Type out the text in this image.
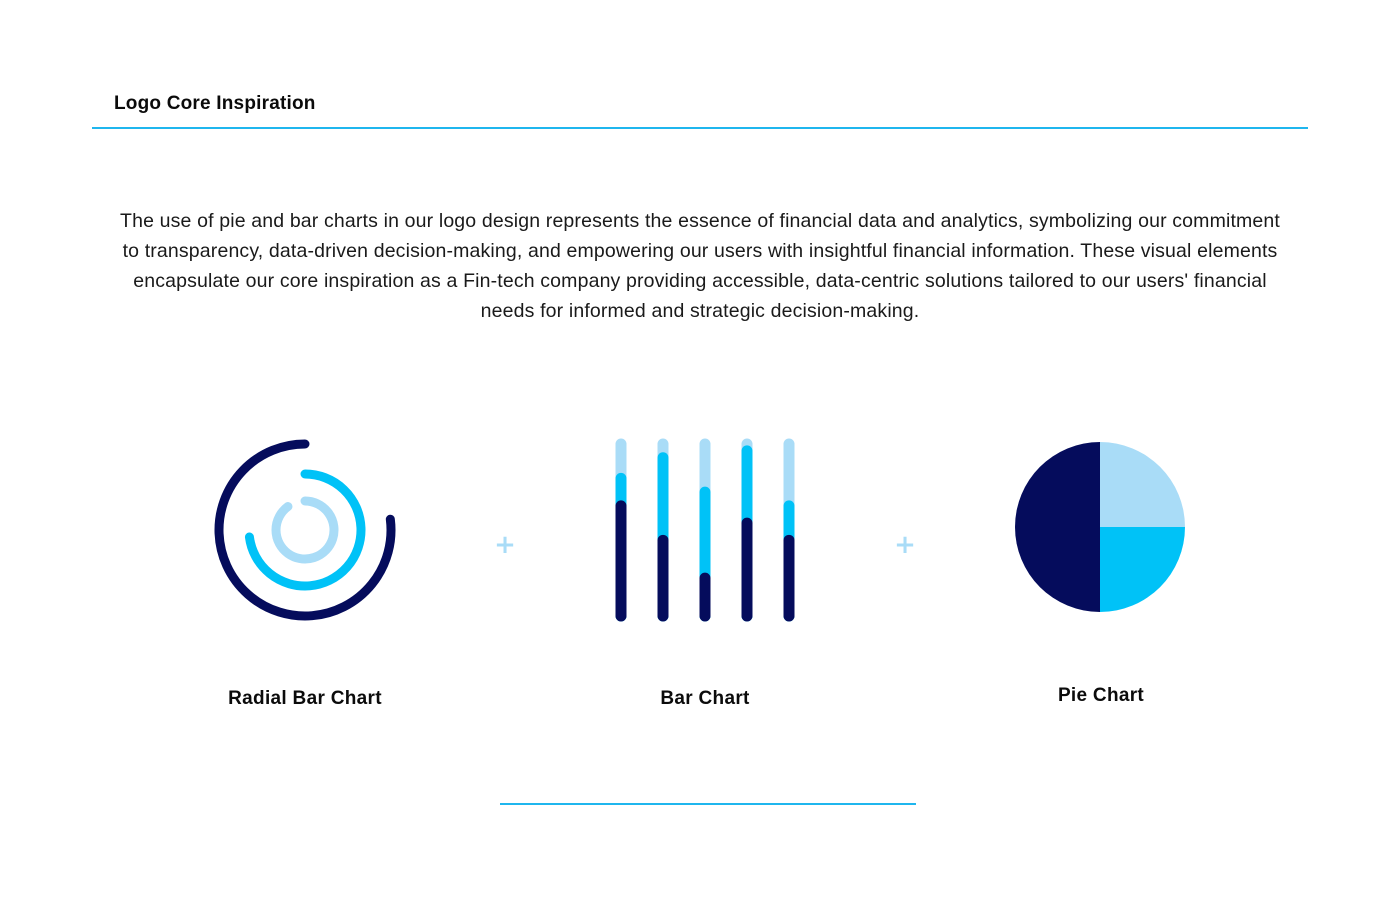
Logo Core Inspiration

The use of pie and bar charts in our logo design represents the essence of financial data and analytics, symbolizing our commitment to transparency, data-driven decision-making, and empowering our users with insightful financial information. These visual elements encapsulate our core inspiration as a Fin-tech company providing accessible, data-centric solutions tailored to our users' financial needs for informed and strategic decision-making.

+	+
Radial Bar Chart	Bar Chart	Pie Chart
